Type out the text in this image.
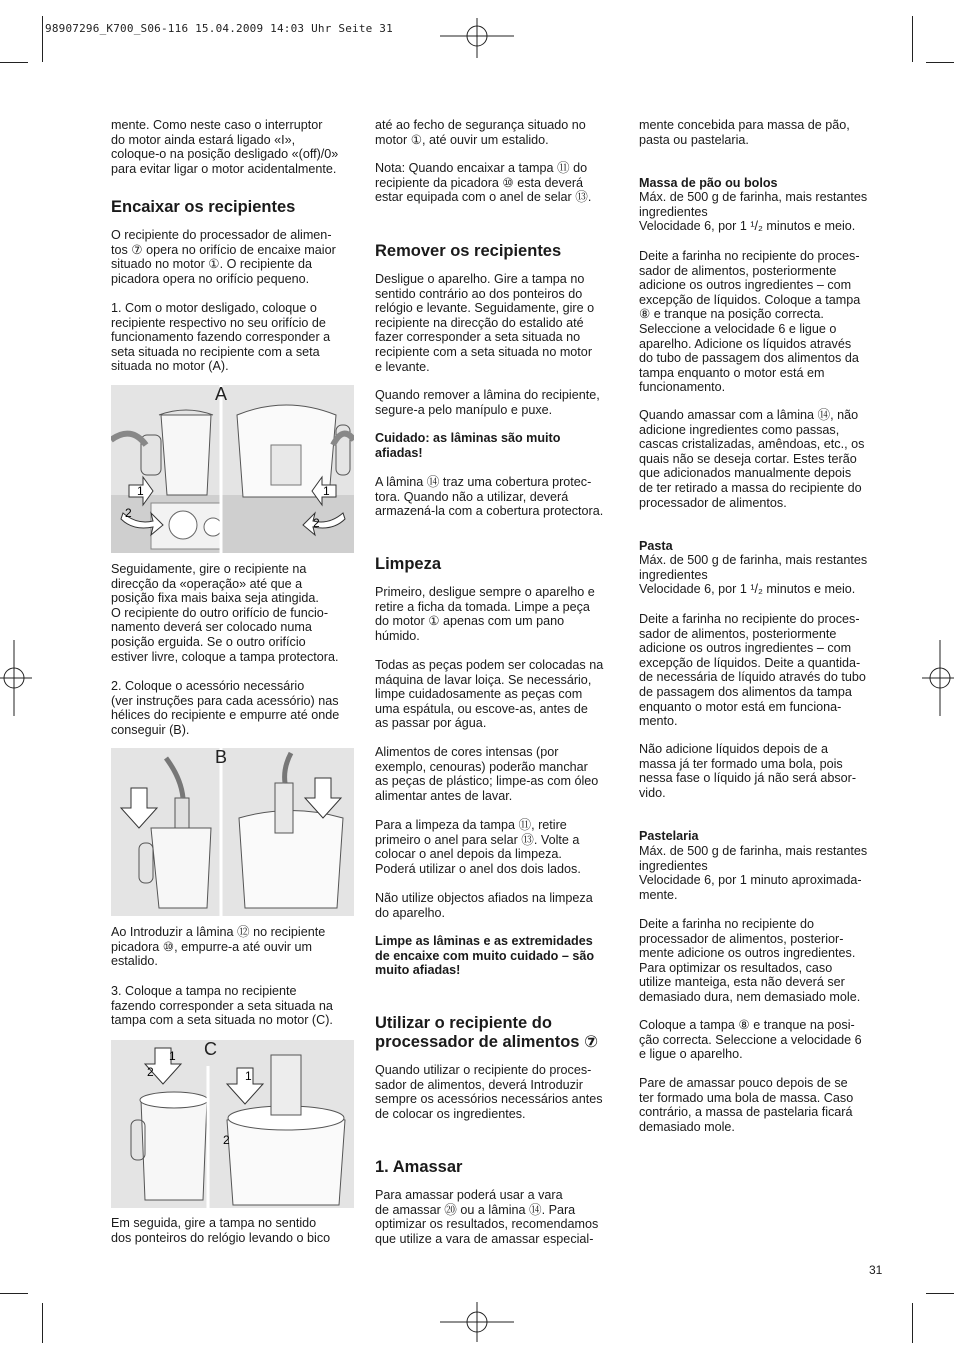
98907296_K700_S06-116 15.04.2009 14:03 Uhr Seite 31

mente. Como neste caso o interruptor
do motor ainda estará ligado «I»,
coloque-o na posição desligado «(off)/0»
para evitar ligar o motor acidentalmente.

Encaixar os recipientes

O recipiente do processador de alimen-
tos ⑦ opera no orifício de encaixe maior
situado no motor ①. O recipiente da
picadora opera no orifício pequeno.

1. Com o motor desligado, coloque o
recipiente respectivo no seu orifício de
funcionamento fazendo corresponder a
seta situada no recipiente com a seta
situada no motor (A).

1
2
1
2
A

Seguidamente, gire o recipiente na
direcção da «operação» até que a
posição fixa mais baixa seja atingida.
O recipiente do outro orifício de funcio-
namento deverá ser colocado numa
posição erguida. Se o outro orifício
estiver livre, coloque a tampa protectora.

2. Coloque o acessório necessário
(ver instruções para cada acessório) nas
hélices do recipiente e empurre até onde
conseguir (B).

B

Ao Introduzir a lâmina ⑫ no recipiente
picadora ⑩, empurre-a até ouvir um
estalido.

3. Coloque a tampa no recipiente
fazendo corresponder a seta situada na
tampa com a seta situada no motor (C).

1
2	1
2
C

Em seguida, gire a tampa no sentido
dos ponteiros do relógio levando o bico

até ao fecho de segurança situado no
motor ①, até ouvir um estalido.

Nota: Quando encaixar a tampa ⑪ do
recipiente da picadora ⑩ esta deverá
estar equipada com o anel de selar ⑬.

Remover os recipientes

Desligue o aparelho. Gire a tampa no
sentido contrário ao dos ponteiros do
relógio e levante. Seguidamente, gire o
recipiente na direcção do estalido até
fazer corresponder a seta situada no
recipiente com a seta situada no motor
e levante.

Quando remover a lâmina do recipiente,
segure-a pelo manípulo e puxe.

Cuidado: as lâminas são muito
afiadas!

A lâmina ⑭ traz uma cobertura protec-
tora. Quando não a utilizar, deverá
armazená-la com a cobertura protectora.

Limpeza

Primeiro, desligue sempre o aparelho e
retire a ficha da tomada. Limpe a peça
do motor ① apenas com um pano
húmido.

Todas as peças podem ser colocadas na
máquina de lavar loiça. Se necessário,
limpe cuidadosamente as peças com
uma espátula, ou escove-as, antes de
as passar por água.

Alimentos de cores intensas (por
exemplo, cenouras) poderão manchar
as peças de plástico; limpe-as com óleo
alimentar antes de lavar.

Para a limpeza da tampa ⑪, retire
primeiro o anel para selar ⑬. Volte a
colocar o anel depois da limpeza.
Poderá utilizar o anel dos dois lados.

Não utilize objectos afiados na limpeza
do aparelho.

Limpe as lâminas e as extremidades
de encaixe com muito cuidado – são
muito afiadas!
Utilizar o recipiente do
processador de alimentos ⑦

Quando utilizar o recipiente do proces-
sador de alimentos, deverá Introduzir
sempre os acessórios necessários antes
de colocar os ingredientes.

1. Amassar

Para amassar poderá usar a vara
de amassar ⑳ ou a lâmina ⑭. Para
optimizar os resultados, recomendamos
que utilize a vara de amassar especial-

mente concebida para massa de pão,
pasta ou pastelaria.

Massa de pão ou bolos

Máx. de 500 g de farinha, mais restantes
ingredientes
Velocidade 6, por 1 ¹/₂ minutos e meio.

Deite a farinha no recipiente do proces-
sador de alimentos, posteriormente
adicione os outros ingredientes – com
excepção de líquidos. Coloque a tampa
⑧ e tranque na posição correcta.
Seleccione a velocidade 6 e ligue o
aparelho. Adicione os líquidos através
do tubo de passagem dos alimentos da
tampa enquanto o motor está em
funcionamento.

Quando amassar com a lâmina ⑭, não
adicione ingredientes como passas,
cascas cristalizadas, amêndoas, etc., os
quais não se deseja cortar. Estes terão
que adicionados manualmente depois
de ter retirado a massa do recipiente do
processador de alimentos.

Pasta

Máx. de 500 g de farinha, mais restantes
ingredientes
Velocidade 6, por 1 ¹/₂ minutos e meio.

Deite a farinha no recipiente do proces-
sador de alimentos, posteriormente
adicione os outros ingredientes – com
excepção de líquidos. Deite a quantida-
de necessária de líquido através do tubo
de passagem dos alimentos da tampa
enquanto o motor está em funciona-
mento.

Não adicione líquidos depois de a
massa já ter formado uma bola, pois
nessa fase o líquido já não será absor-
vido.

Pastelaria

Máx. de 500 g de farinha, mais restantes
ingredientes
Velocidade 6, por 1 minuto aproximada-
mente.

Deite a farinha no recipiente do
processador de alimentos, posterior-
mente adicione os outros ingredientes.
Para optimizar os resultados, caso
utilize manteiga, esta não deverá ser
demasiado dura, nem demasiado mole.

Coloque a tampa ⑧ e tranque na posi-
ção correcta. Seleccione a velocidade 6
e ligue o aparelho.

Pare de amassar pouco depois de se
ter formado uma bola de massa. Caso
contrário, a massa de pastelaria ficará
demasiado mole.

31
